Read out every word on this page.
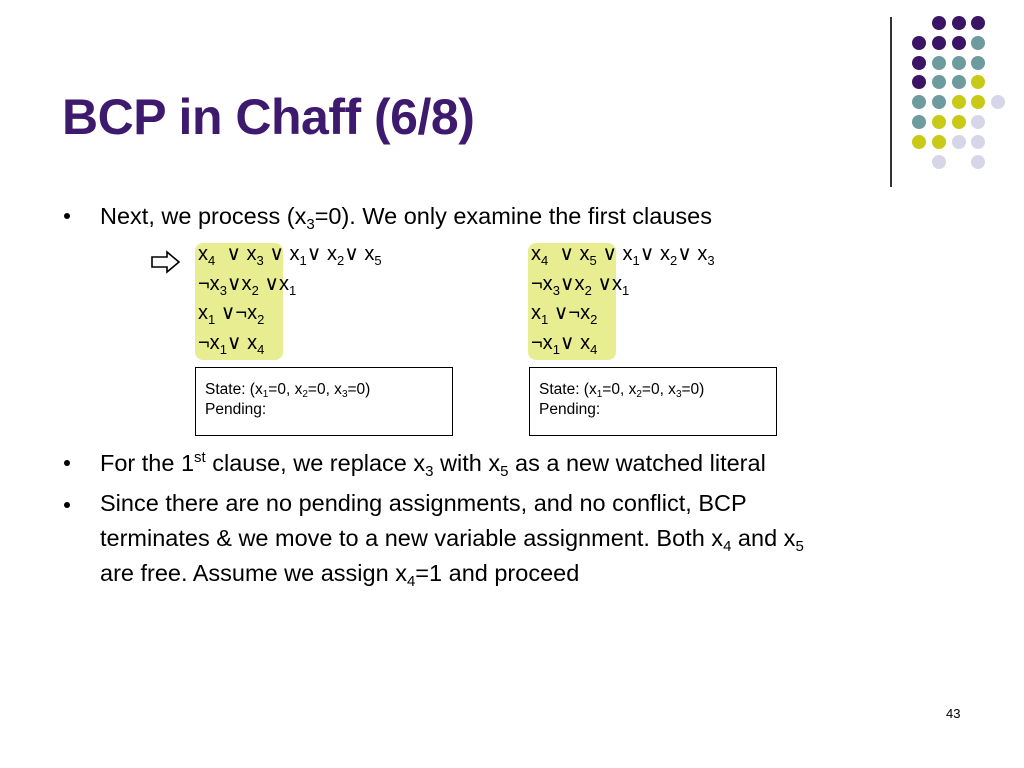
BCP in Chaff (6/8)
Next, we process $(x_3=0)$. We only examine the first clauses
$x_4$  ∨ $x_3$ ∨ $x_1\vee$ $x_2\vee$ $x_5$
$\neg x_3\vee x_2$ $\vee x_1$
$x_1$ $\vee\neg x_2$
$\neg x_1\vee$ $x_4$
$x_4$  ∨ $x_5$ ∨ $x_1\vee$ $x_2\vee$ $x_3$
$\neg x_3\vee x_2$ $\vee x_1$
$x_1$ $\vee\neg x_2$
$\neg x_1\vee$ $x_4$
State: ($x_1=0$, $x_2=0$, $x_3=0$)
Pending:
State: ($x_1=0$, $x_2=0$, $x_3=0$)
Pending:
For the 1st clause, we replace $x_3$ with $x_5$ as a new watched literal
Since there are no pending assignments, and no conflict, BCP
terminates & we move to a new variable assignment. Both $x_4$ and $x_5$
are free. Assume we assign $x_4=1$ and proceed
43
